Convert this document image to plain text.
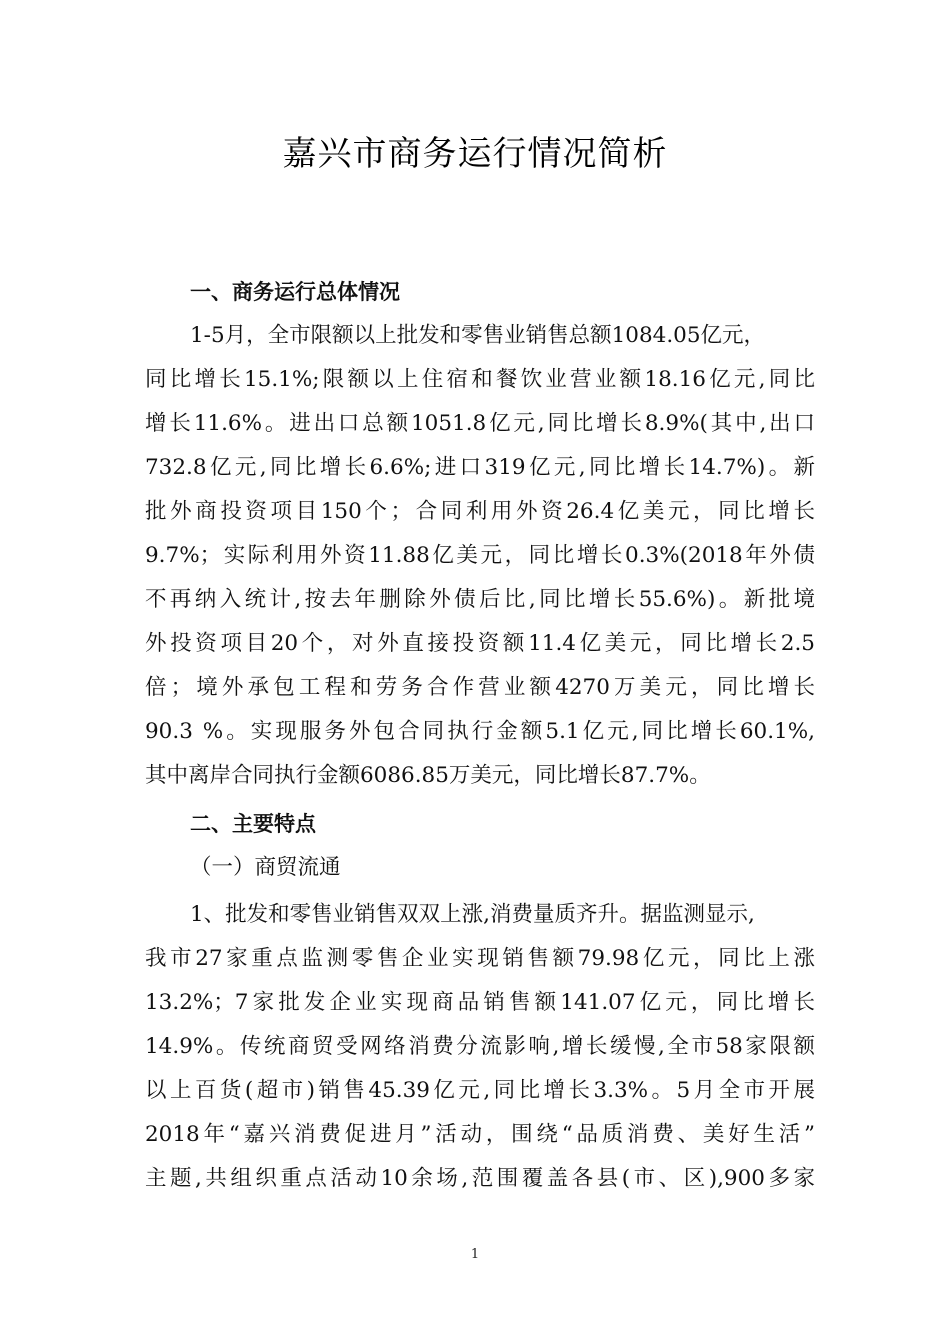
嘉兴市商务运行情况简析
一、商务运行总体情况
1-5月，全市限额以上批发和零售业销售总额1084.05亿元，
同比增长15.1%;限额以上住宿和餐饮业营业额18.16亿元,同比
增长11.6%。进出口总额1051.8亿元,同比增长8.9%(其中,出口
732.8亿元,同比增长6.6%;进口319亿元,同比增长14.7%)。新
批外商投资项目150个；合同利用外资26.4亿美元，同比增长
9.7%；实际利用外资11.88亿美元，同比增长0.3%(2018年外债
不再纳入统计,按去年删除外债后比,同比增长55.6%)。新批境
外投资项目20个，对外直接投资额11.4亿美元，同比增长2.5
倍；境外承包工程和劳务合作营业额4270万美元，同比增长
90.3 %。实现服务外包合同执行金额5.1亿元,同比增长60.1%,
其中离岸合同执行金额6086.85万美元，同比增长87.7%。
二、主要特点
（一）商贸流通
1、批发和零售业销售双双上涨,消费量质齐升。据监测显示,
我市27家重点监测零售企业实现销售额79.98亿元，同比上涨
13.2%；7家批发企业实现商品销售额141.07亿元，同比增长
14.9%。传统商贸受网络消费分流影响,增长缓慢,全市58家限额
以上百货(超市)销售45.39亿元,同比增长3.3%。5月全市开展
2018年“嘉兴消费促进月”活动，围绕“品质消费、美好生活”
主题,共组织重点活动10余场,范围覆盖各县(市、区),900多家
1
